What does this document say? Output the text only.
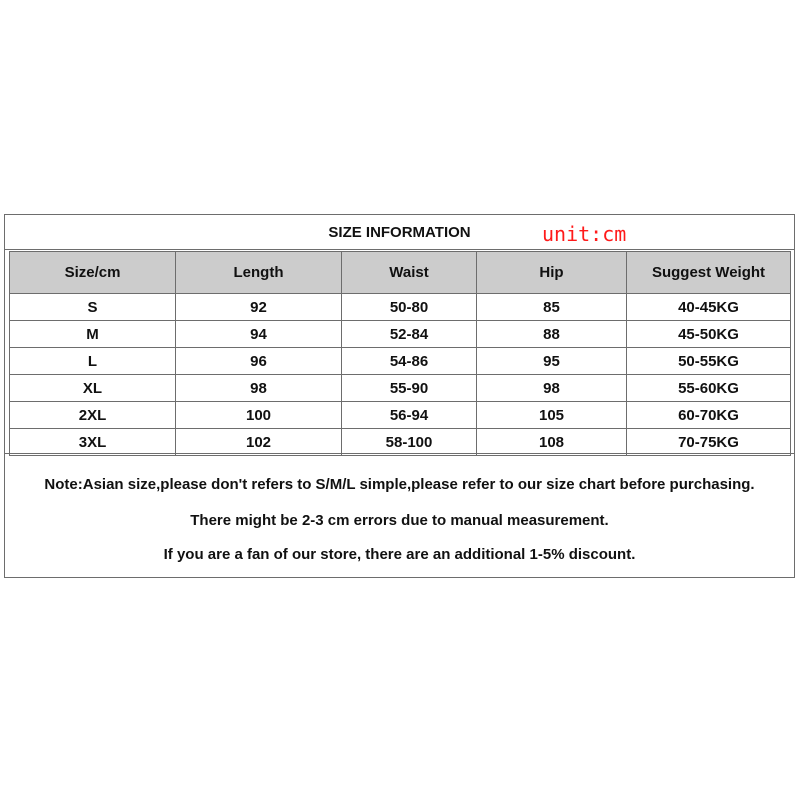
SIZE INFORMATION	unit:cm
Size/cm	Length	Waist	Hip	Suggest Weight
S	92	50-80	85	40-45KG
M	94	52-84	88	45-50KG
L	96	54-86	95	50-55KG
XL	98	55-90	98	55-60KG
2XL	100	56-94	105	60-70KG
3XL	102	58-100	108	70-75KG
Note:Asian size,please don't refers to S/M/L simple,please refer to our size chart before purchasing.
There might be 2-3 cm errors due to manual measurement.
If you are a fan of our store, there are an additional 1-5% discount.
